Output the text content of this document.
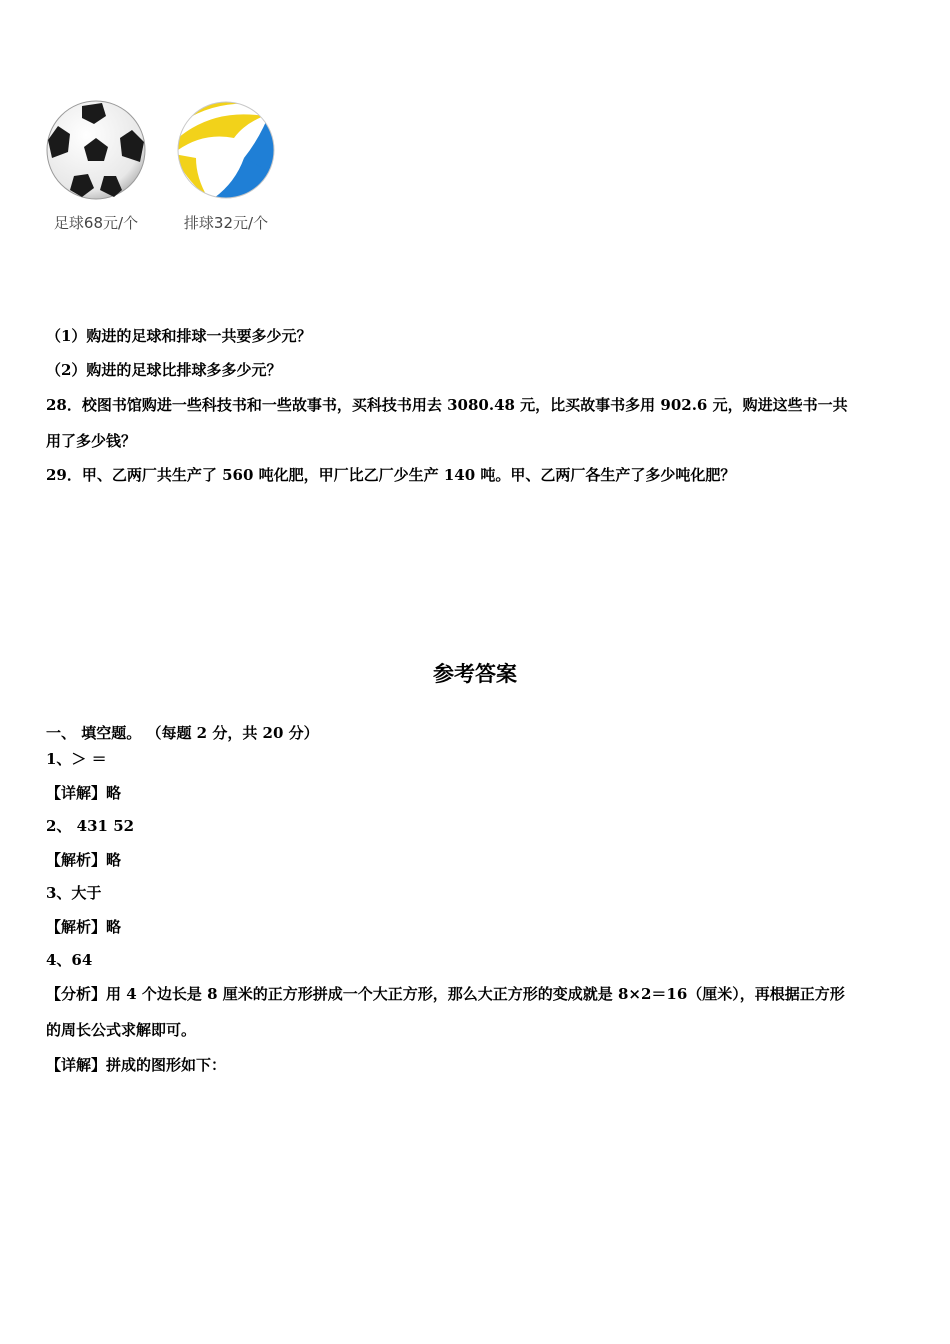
足球68元/个	排球32元/个
（1）购进的足球和排球一共要多少元？
（2）购进的足球比排球多多少元？
28．校图书馆购进一些科技书和一些故事书，买科技书用去 3080.48 元，比买故事书多用 902.6 元，购进这些书一共
用了多少钱？
29．甲、乙两厂共生产了 560 吨化肥，甲厂比乙厂少生产 140 吨。甲、乙两厂各生产了多少吨化肥？
参考答案
一、 填空题。 （每题 2 分，共 20 分）
1、＞ ＝
【详解】略
2、 431 52
【解析】略
3、大于
【解析】略
4、64
【分析】用 4 个边长是 8 厘米的正方形拼成一个大正方形，那么大正方形的变成就是 8×2＝16（厘米），再根据正方形
的周长公式求解即可。
【详解】拼成的图形如下：
